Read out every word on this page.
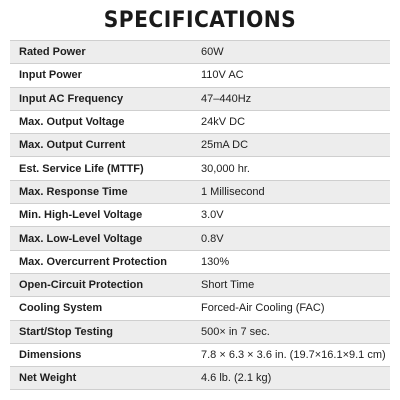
SPECIFICATIONS
Rated Power	60W
Input Power	110V AC
Input AC Frequency	47–440Hz
Max. Output Voltage	24kV DC
Max. Output Current	25mA DC
Est. Service Life (MTTF)	30,000 hr.
Max. Response Time	1 Millisecond
Min. High-Level Voltage	3.0V
Max. Low-Level Voltage	0.8V
Max. Overcurrent Protection	130%
Open-Circuit Protection	Short Time
Cooling System	Forced-Air Cooling (FAC)
Start/Stop Testing	500× in 7 sec.
Dimensions	7.8 × 6.3 × 3.6 in. (19.7×16.1×9.1 cm)
Net Weight	4.6 lb. (2.1 kg)
